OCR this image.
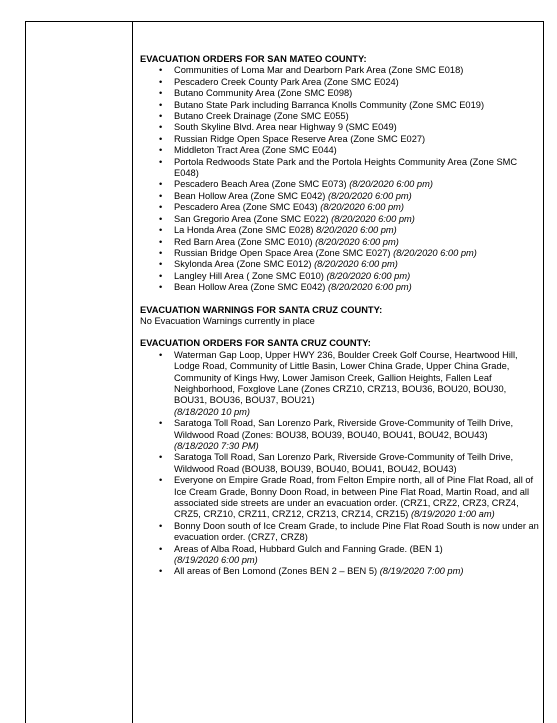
EVACUATION ORDERS FOR SAN MATEO COUNTY:
• Communities of Loma Mar and Dearborn Park Area (Zone SMC E018)
• Pescadero Creek County Park Area (Zone SMC E024)
• Butano Community Area (Zone SMC E098)
• Butano State Park including Barranca Knolls Community (Zone SMC E019)
• Butano Creek Drainage (Zone SMC E055)
• South Skyline Blvd. Area near Highway 9 (SMC E049)
• Russian Ridge Open Space Reserve Area (Zone SMC E027)
• Middleton Tract Area (Zone SMC E044)
• Portola Redwoods State Park and the Portola Heights Community Area (Zone SMC E048)
• Pescadero Beach Area (Zone SMC E073) (8/20/2020 6:00 pm)
• Bean Hollow Area (Zone SMC E042) (8/20/2020 6:00 pm)
• Pescadero Area (Zone SMC E043) (8/20/2020 6:00 pm)
• San Gregorio Area (Zone SMC E022) (8/20/2020 6:00 pm)
• La Honda Area (Zone SMC E028) 8/20/2020 6:00 pm)
• Red Barn Area (Zone SMC E010) (8/20/2020 6:00 pm)
• Russian Bridge Open Space Area (Zone SMC E027) (8/20/2020 6:00 pm)
• Skylonda Area (Zone SMC E012) (8/20/2020 6:00 pm)
• Langley Hill Area ( Zone SMC E010) (8/20/2020 6:00 pm)
• Bean Hollow Area (Zone SMC E042) (8/20/2020 6:00 pm)
EVACUATION WARNINGS FOR SANTA CRUZ COUNTY:
No Evacuation Warnings currently in place
EVACUATION ORDERS FOR SANTA CRUZ COUNTY:
• Waterman Gap Loop, Upper HWY 236, Boulder Creek Golf Course, Heartwood Hill, Lodge Road, Community of Little Basin, Lower China Grade, Upper China Grade, Community of Kings Hwy, Lower Jamison Creek, Gallion Heights, Fallen Leaf Neighborhood, Foxglove Lane (Zones CRZ10, CRZ13, BOU36, BOU20, BOU30, BOU31, BOU36, BOU37, BOU21)
(8/18/2020 10 pm)
• Saratoga Toll Road, San Lorenzo Park, Riverside Grove-Community of Teilh Drive, Wildwood Road (Zones: BOU38, BOU39, BOU40, BOU41, BOU42, BOU43)
(8/18/2020 7:30 PM)
• Saratoga Toll Road, San Lorenzo Park, Riverside Grove-Community of Teilh Drive, Wildwood Road (BOU38, BOU39, BOU40, BOU41, BOU42, BOU43)
• Everyone on Empire Grade Road, from Felton Empire north, all of Pine Flat Road, all of Ice Cream Grade, Bonny Doon Road, in between Pine Flat Road, Martin Road, and all associated side streets are under an evacuation order. (CRZ1, CRZ2, CRZ3, CRZ4, CRZ5, CRZ10, CRZ11, CRZ12, CRZ13, CRZ14, CRZ15) (8/19/2020 1:00 am)
• Bonny Doon south of Ice Cream Grade, to include Pine Flat Road South is now under an evacuation order. (CRZ7, CRZ8)
• Areas of Alba Road, Hubbard Gulch and Fanning Grade. (BEN 1)
(8/19/2020 6:00 pm)
• All areas of Ben Lomond (Zones BEN 2 – BEN 5) (8/19/2020 7:00 pm)
